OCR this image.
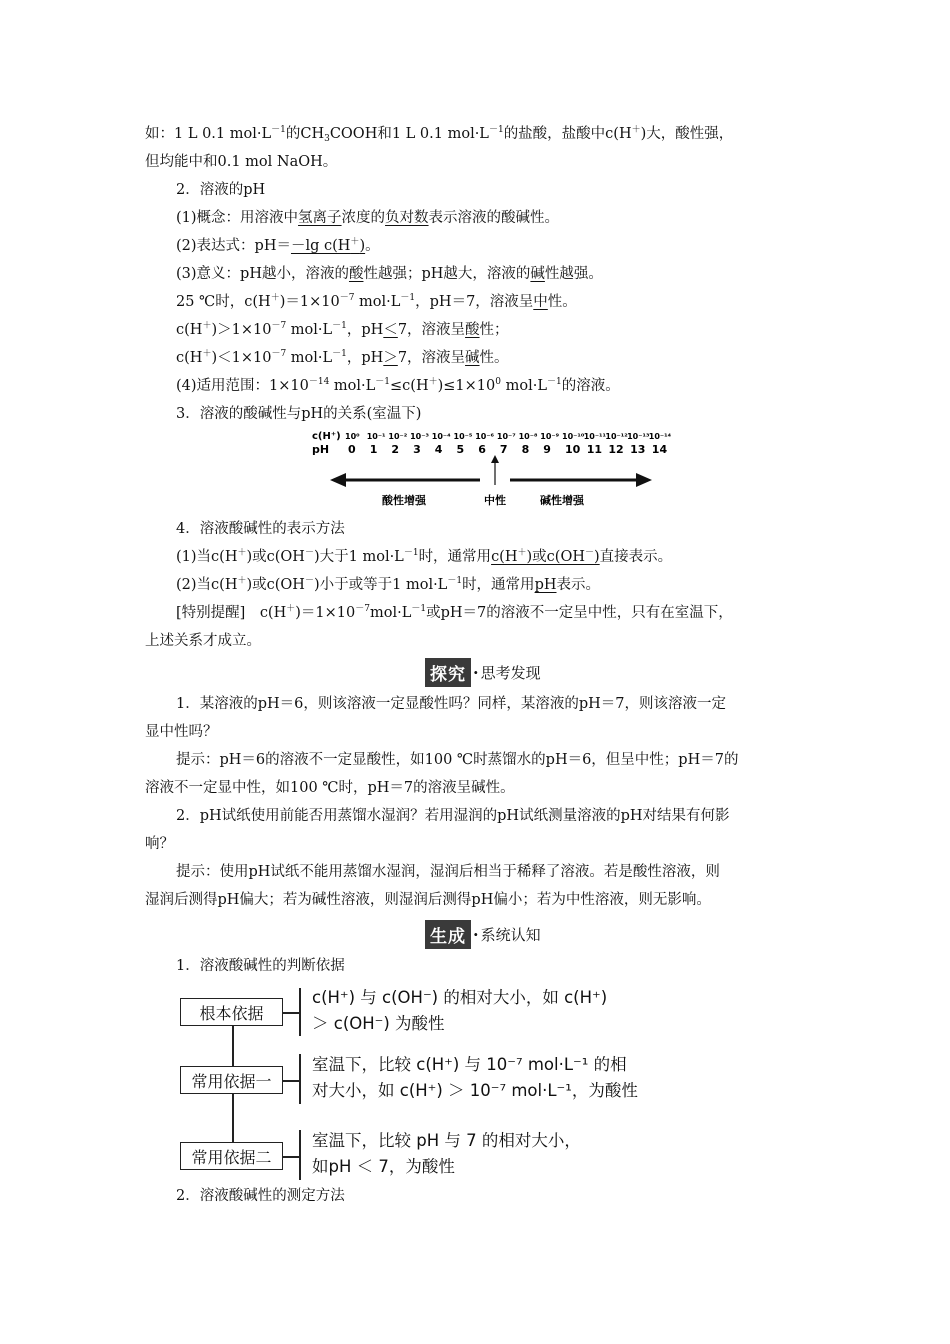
如：1 L 0.1 $mol\cdot L^{-1}$的$CH_3COOH$和1 L 0.1 $mol\cdot L^{-1}$的盐酸，盐酸中c(H＋)大，酸性强，
但均能中和0.1 mol NaOH。
2．溶液的pH
(1)概念：用溶液中氢离子浓度的负对数表示溶液的酸碱性。
(2)表达式：pH＝－lg c(H＋)。
(3)意义：pH越小，溶液的酸性越强；pH越大，溶液的碱性越强。
25 ℃时，$c(H^+)=1\times 10^{-7}$ $mol\cdot L^{-1}$，pH＝7，溶液呈中性。
$c(H^+)>1\times 10^{-7}$ $mol\cdot L^{-1}$，pH＜7，溶液呈酸性；
$c(H^+)<1\times 10^{-7}$ $mol\cdot L^{-1}$，pH＞7，溶液呈碱性。
(4)适用范围：$1\times 10^{-14}$ $mol\cdot L^{-1}\le c(H^+)\le 1\times 10^0$ $mol\cdot L^{-1}$的溶液。
3．溶液的酸碱性与pH的关系(室温下)
c(H⁺)
pH
10⁰ 10⁻¹ 10⁻² 10⁻³ 10⁻⁴ 10⁻⁵ 10⁻⁶ 10⁻⁷ 10⁻⁸ 10⁻⁹ 10⁻¹⁰ 10⁻¹¹ 10⁻¹² 10⁻¹³ 10⁻¹⁴
0 1 2 3 4 5 6 7 8 9 10 11 12 13 14
酸性增强	中性	碱性增强
4．溶液酸碱性的表示方法
(1)当c(H＋)或c(OH－)大于1 $mol\cdot L^{-1}$时，通常用c(H＋)或c(OH－)直接表示。
(2)当c(H＋)或c(OH－)小于或等于1 $mol\cdot L^{-1}$时，通常用pH表示。
[特别提醒]　$c(H^+)=1\times 10^{-7}mol\cdot L^{-1}$或pH＝7的溶液不一定呈中性，只有在室温下，
上述关系才成立。
探究 · 思考发现
1．某溶液的pH＝6，则该溶液一定显酸性吗？同样，某溶液的pH＝7，则该溶液一定
显中性吗？
提示：pH＝6的溶液不一定显酸性，如100 ℃时蒸馏水的pH＝6，但呈中性；pH＝7的
溶液不一定显中性，如100 ℃时，pH＝7的溶液呈碱性。
2．pH试纸使用前能否用蒸馏水湿润？若用湿润的pH试纸测量溶液的pH对结果有何影
响？
提示：使用pH试纸不能用蒸馏水湿润，湿润后相当于稀释了溶液。若是酸性溶液，则
湿润后测得pH偏大；若为碱性溶液，则湿润后测得pH偏小；若为中性溶液，则无影响。
生成 · 系统认知
1．溶液酸碱性的判断依据
根本依据
c(H⁺) 与 c(OH⁻) 的相对大小，如 c(H⁺)
＞ c(OH⁻) 为酸性
常用依据一
室温下，比较 c(H⁺) 与 10⁻⁷ mol·L⁻¹ 的相
对大小，如 c(H⁺) ＞ 10⁻⁷ mol·L⁻¹，为酸性
常用依据二
室温下，比较 pH 与 7 的相对大小，
如pH ＜ 7，为酸性
2．溶液酸碱性的测定方法
